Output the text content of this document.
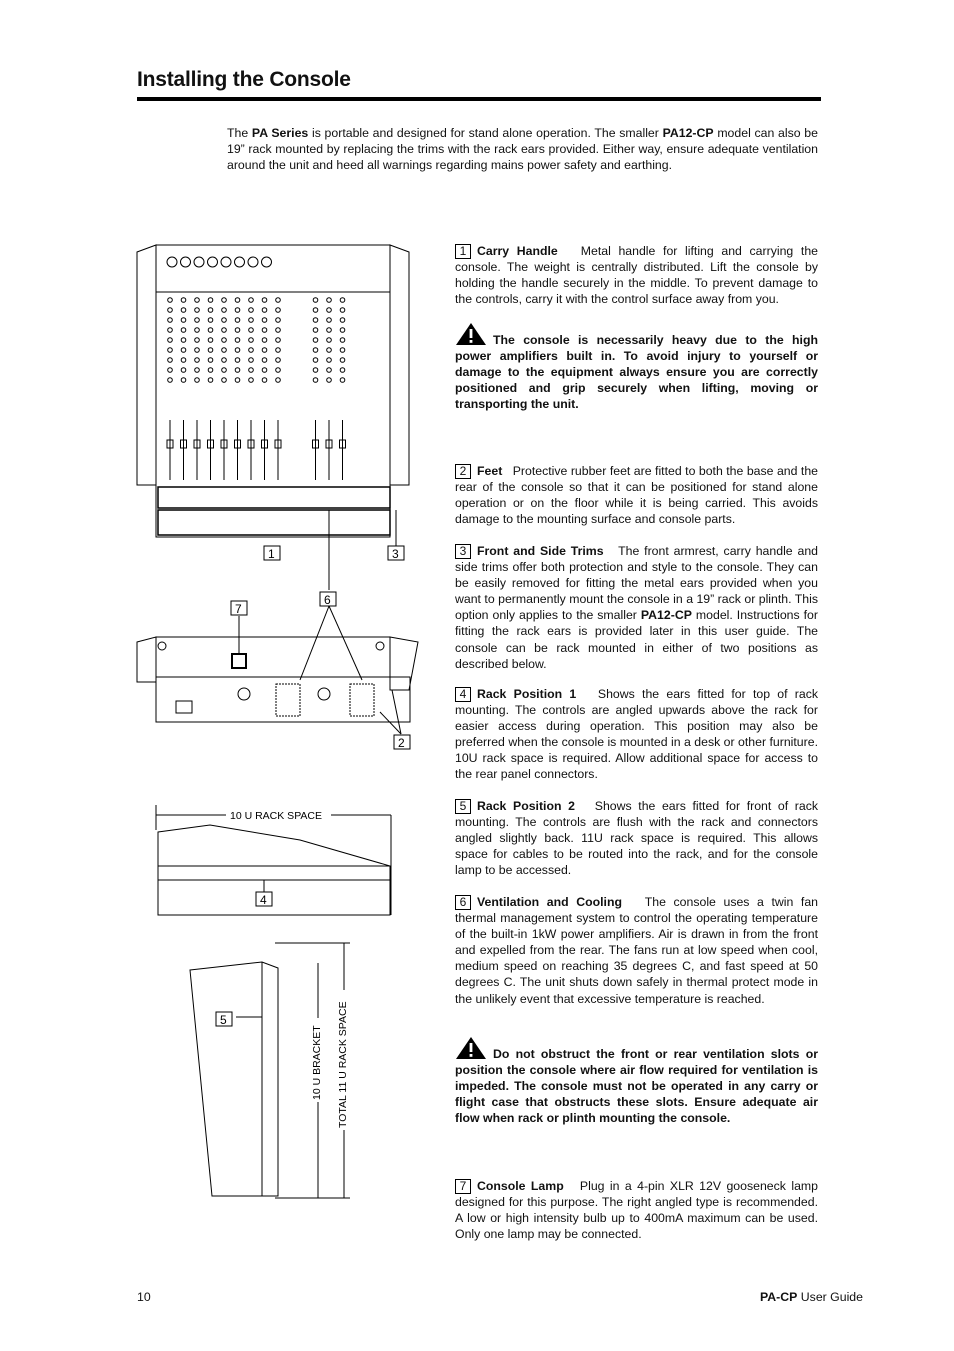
Installing the Console
The PA Series is portable and designed for stand alone operation. The smaller PA12-CP model can also be 19” rack mounted by replacing the trims with the rack ears provided. Either way, ensure adequate ventilation around the unit and heed all warnings regarding mains power safety and earthing.
1 Carry Handle Metal handle for lifting and carrying the console. The weight is centrally distributed. Lift the console by holding the handle securely in the middle. To prevent damage to the controls, carry it with the control surface away from you.
The console is necessarily heavy due to the high power amplifiers built in. To avoid injury to yourself or damage to the equipment always ensure you are correctly positioned and grip securely when lifting, moving or transporting the unit.
2 Feet Protective rubber feet are fitted to both the base and the rear of the console so that it can be positioned for stand alone operation or on the floor while it is being carried. This avoids damage to the mounting surface and console parts.
3 Front and Side Trims The front armrest, carry handle and side trims offer both protection and style to the console. They can be easily removed for fitting the metal ears provided when you want to permanently mount the console in a 19” rack or plinth. This option only applies to the smaller PA12-CP model. Instructions for fitting the rack ears is provided later in this user guide. The console can be rack mounted in either of two positions as described below.
4 Rack Position 1 Shows the ears fitted for top of rack mounting. The controls are angled upwards above the rack for easier access during operation. This position may also be preferred when the console is mounted in a desk or other furniture. 10U rack space is required. Allow additional space for access to the rear panel connectors.
5 Rack Position 2 Shows the ears fitted for front of rack mounting. The controls are flush with the rack and connectors angled slightly back. 11U rack space is required. This allows space for cables to be routed into the rack, and for the console lamp to be accessed.
6 Ventilation and Cooling The console uses a twin fan thermal management system to control the operating temperature of the built-in 1kW power amplifiers. Air is drawn in from the front and expelled from the rear. The fans run at low speed when cool, medium speed on reaching 35 degrees C, and fast speed at 50 degrees C. The unit shuts down safely in thermal protect mode in the unlikely event that excessive temperature is reached.
Do not obstruct the front or rear ventilation slots or position the console where air flow required for ventilation is impeded. The console must not be operated in any carry or flight case that obstructs these slots. Ensure adequate air flow when rack or plinth mounting the console.
7 Console Lamp Plug in a 4-pin XLR 12V gooseneck lamp designed for this purpose. The right angled type is recommended. A low or high intensity bulb up to 400mA maximum can be used. Only one lamp may be connected.
1	3
7
6
2
4
5
10 U RACK SPACE
10 U BRACKET TOTAL 11 U RACK SPACE
10	PA-CP User Guide
